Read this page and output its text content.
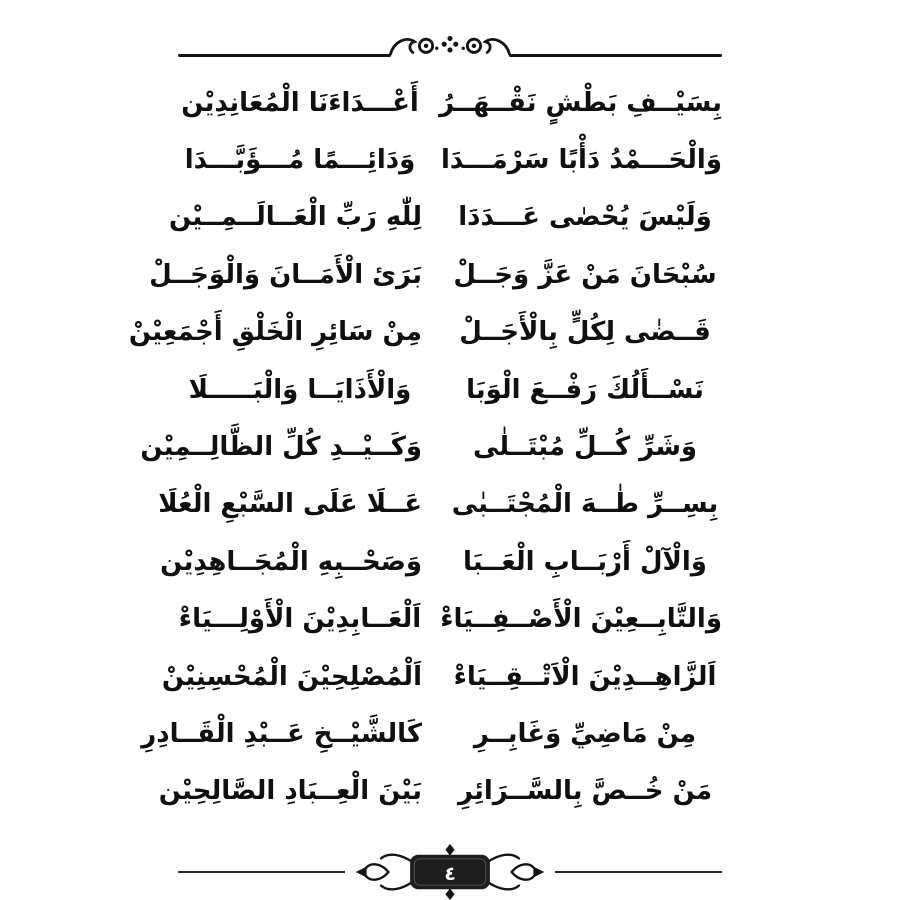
بِسَيْــفِ بَطْشٍ نَقْــهَــرُ
أَعْـــدَاءَنَا الْمُعَانِدِيْن
وَالْحَـــمْدُ دَأْبًا سَرْمَـــدَا
وَدَائِـــمًا مُـــؤَبَّـــدَا
وَلَيْسَ يُحْصٰى عَـــدَدَا
لِلّٰهِ رَبِّ الْعَــالَــمِــيْن
سُبْحَانَ مَنْ عَزَّ وَجَــلْ
بَرَئ الْأَمَــانَ وَالْوَجَــلْ
قَــضٰى لِكُلٍّ بِالْأَجَــلْ
مِنْ سَائِرِ الْخَلْقِ أَجْمَعِيْنْ
نَسْــأَلُكَ رَفْــعَ الْوَبَا
وَالْأَذَايَــا وَالْبَـــــلَا
وَشَرِّ كُــلِّ مُبْتَــلٰى
وَكَــيْــدِ كُلِّ الظَّالِــمِيْن
بِسِــرِّ طٰــهَ الْمُجْتَــبٰى
عَــلَا عَلَى السَّبْعِ الْعُلَا
وَالْآلْ أَرْبَــابِ الْعَــبَا
وَصَحْــبِهِ الْمُجَــاهِدِيْن
وَالتَّابِــعِيْنَ الْأَصْــفِــيَاءْ
اَلْعَــابِدِيْنَ الْأَوْلِـــيَاءْ
اَلزَّاهِــدِيْنَ الْاَتْــقِــيَاءْ
اَلْمُصْلِحِيْنَ الْمُحْسِنِيْنْ
مِنْ مَاضِيِّ وَغَابِــرِ
كَالشَّيْــخِ عَــبْدِ الْقَــادِرِ
مَنْ خُــصَّ بِالسَّــرَائِرِ
بَيْنَ الْعِــبَادِ الصَّالِحِيْن
٤
